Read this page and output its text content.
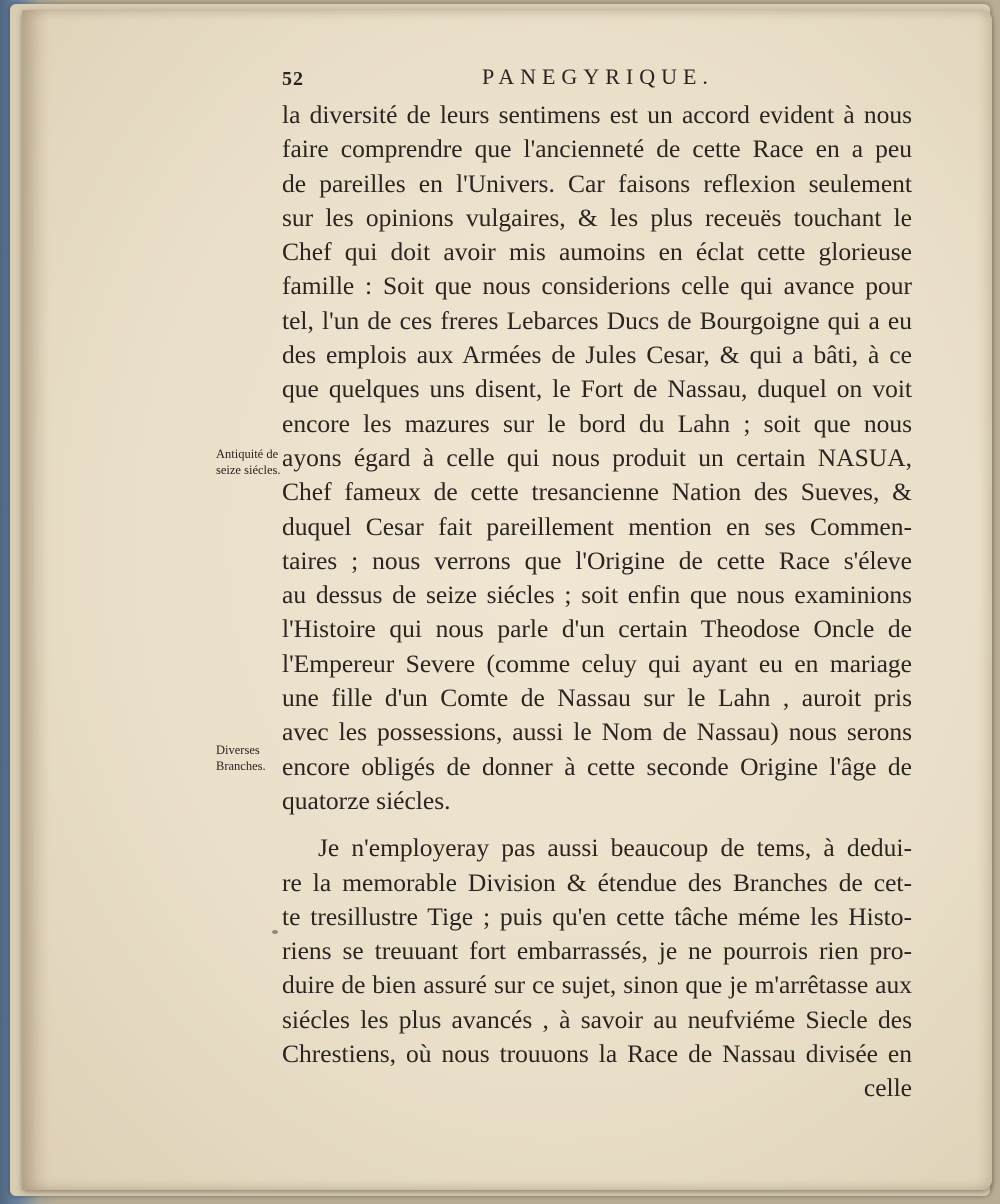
52	PANEGYRIQUE.
Antiquité de seize siécles.
Diverses Branches.
la diversité de leurs sentimens est un accord evident à nous
faire comprendre que l'ancienneté de cette Race en a peu
de pareilles en l'Univers. Car faisons reflexion seulement
sur les opinions vulgaires, & les plus receuës touchant le
Chef qui doit avoir mis aumoins en éclat cette glorieuse
famille : Soit que nous considerions celle qui avance pour
tel, l'un de ces freres Lebarces Ducs de Bourgoigne qui a eu
des emplois aux Armées de Jules Cesar, & qui a bâti, à ce
que quelques uns disent, le Fort de Nassau, duquel on voit
encore les mazures sur le bord du Lahn ; soit que nous
ayons égard à celle qui nous produit un certain NASUA,
Chef fameux de cette tresancienne Nation des Sueves, &
duquel Cesar fait pareillement mention en ses Commen-
taires ; nous verrons que l'Origine de cette Race s'éleve
au dessus de seize siécles ; soit enfin que nous examinions
l'Histoire qui nous parle d'un certain Theodose Oncle de
l'Empereur Severe (comme celuy qui ayant eu en mariage
une fille d'un Comte de Nassau sur le Lahn , auroit pris
avec les possessions, aussi le Nom de Nassau) nous serons
encore obligés de donner à cette seconde Origine l'âge de
quatorze siécles.
Je n'employeray pas aussi beaucoup de tems, à dedui-
re la memorable Division & étendue des Branches de cet-
te tresillustre Tige ; puis qu'en cette tâche méme les Histo-
riens se treuuant fort embarrassés, je ne pourrois rien pro-
duire de bien assuré sur ce sujet, sinon que je m'arrêtasse aux
siécles les plus avancés , à savoir au neufviéme Siecle des
Chrestiens, où nous trouuons la Race de Nassau divisée en
celle
